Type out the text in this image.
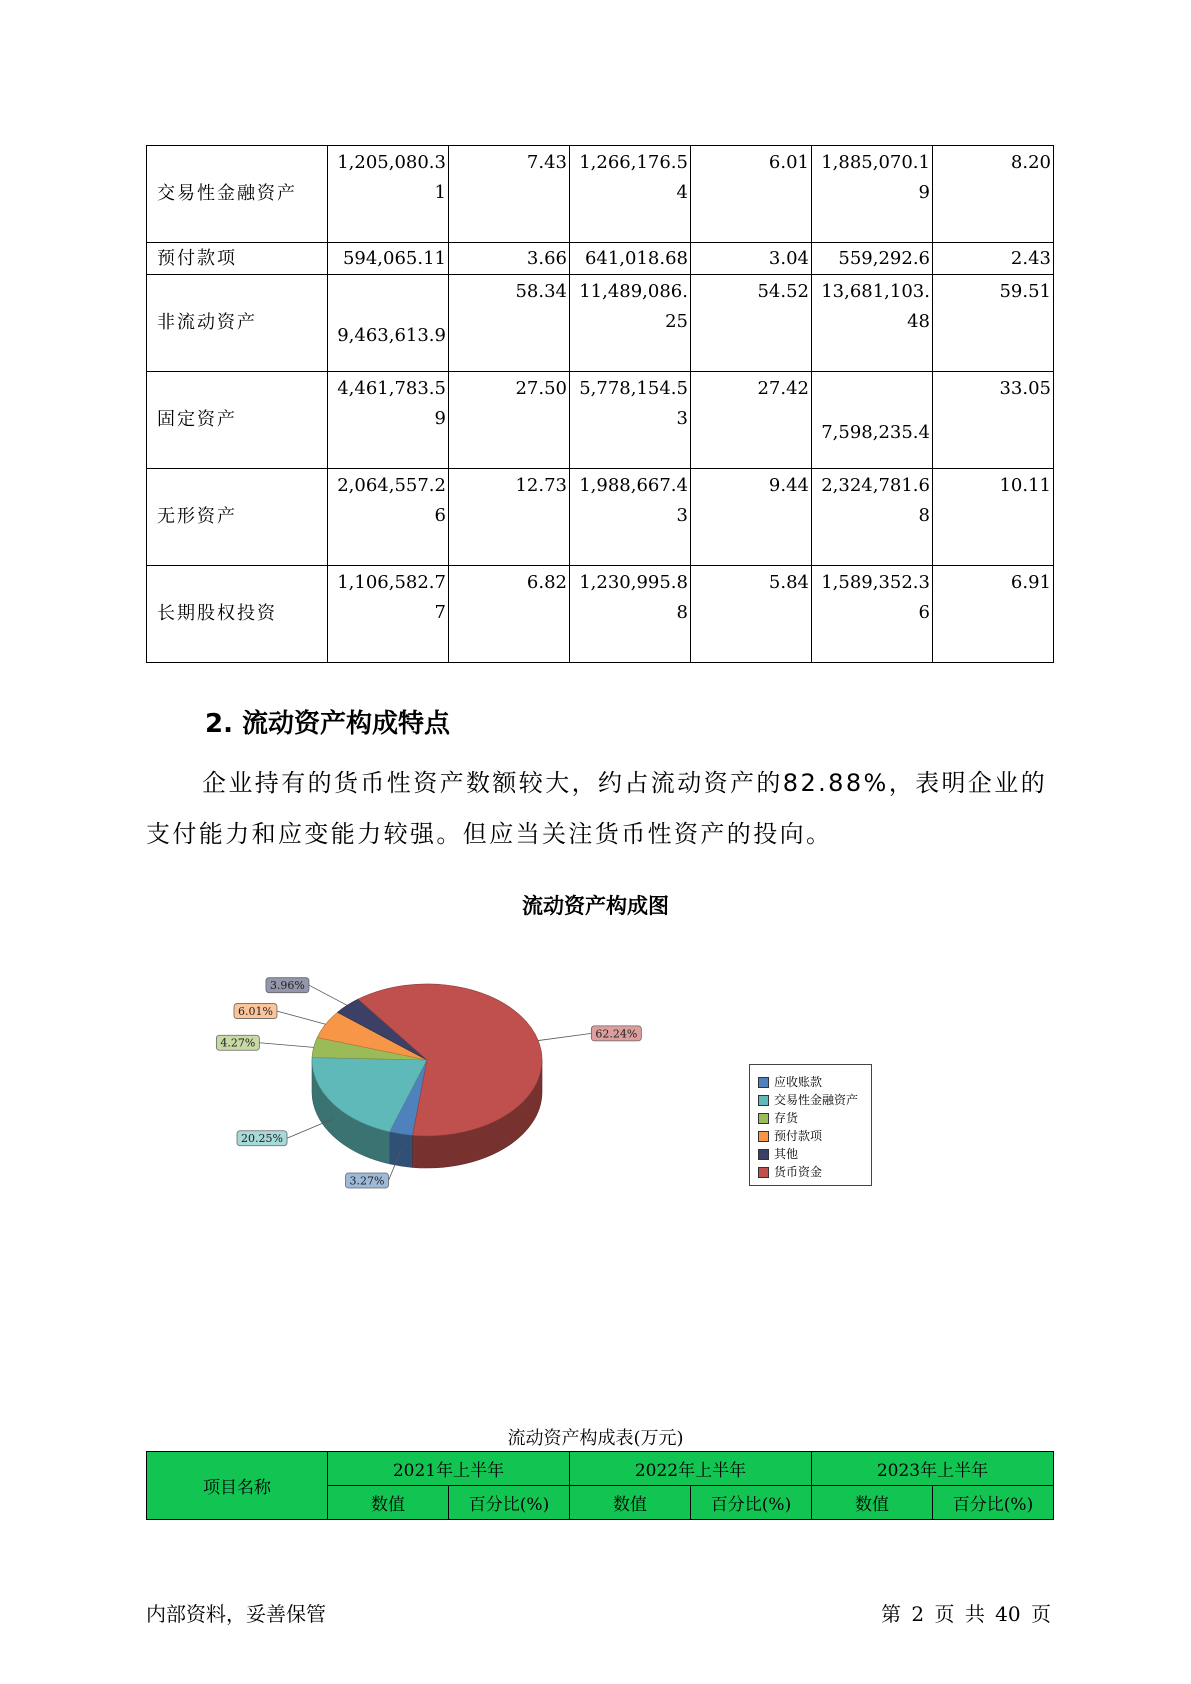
交易性金融资产	1,205,080.31	7.43	1,266,176.54	6.01	1,885,070.19	8.20
预付款项	594,065.11	3.66	641,018.68	3.04	559,292.6	2.43
非流动资产	9,463,613.9	58.34	11,489,086.25	54.52	13,681,103.48	59.51
固定资产	4,461,783.59	27.50	5,778,154.53	27.42	7,598,235.4	33.05
无形资产	2,064,557.26	12.73	1,988,667.43	9.44	2,324,781.68	10.11
长期股权投资	1,106,582.77	6.82	1,230,995.88	5.84	1,589,352.36	6.91
2. 流动资产构成特点
企业持有的货币性资产数额较大，约占流动资产的82.88%，表明企业的支付能力和应变能力较强。但应当关注货币性资产的投向。
流动资产构成图
3.27%
20.25%
4.27%
6.01%
3.96%
62.24%
应收账款
交易性金融资产
存货
预付款项
其他
货币资金
流动资产构成表(万元)
项目名称	2021年上半年		2022年上半年		2023年上半年	
	数值	百分比(%)	数值	百分比(%)	数值	百分比(%)
内部资料，妥善保管	第 2 页 共 40 页
